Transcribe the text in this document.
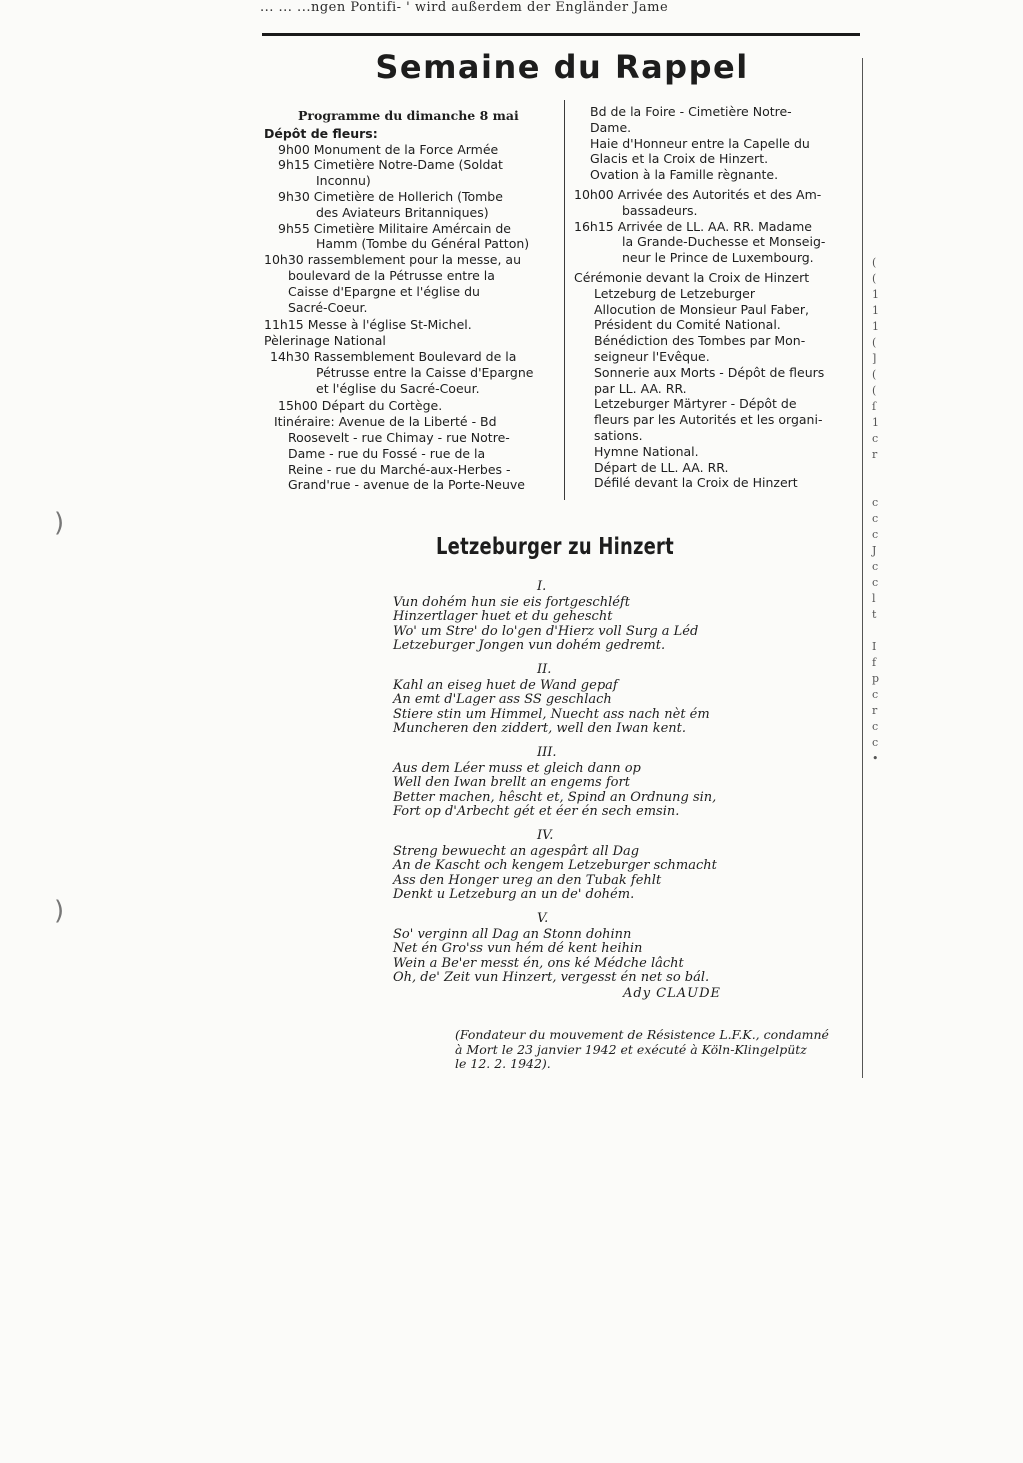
... ... ...ngen Pontifi- ' wird außerdem der Engländer Jame
Semaine du Rappel
Programme du dimanche 8 mai
Dépôt de fleurs:
9h00 Monument de la Force Armée
9h15 Cimetière Notre-Dame (Soldat
Inconnu)
9h30 Cimetière de Hollerich (Tombe
des Aviateurs Britanniques)
9h55 Cimetière Militaire Amércain de
Hamm (Tombe du Général Patton)
10h30 rassemblement pour la messe, au
boulevard de la Pétrusse entre la
Caisse d'Epargne et l'église du
Sacré-Coeur.
11h15 Messe à l'église St-Michel.
Pèlerinage National
14h30 Rassemblement Boulevard de la
Pétrusse entre la Caisse d'Epargne
et l'église du Sacré-Coeur.
15h00 Départ du Cortège.
Itinéraire: Avenue de la Liberté - Bd
Roosevelt - rue Chimay - rue Notre-
Dame - rue du Fossé - rue de la
Reine - rue du Marché-aux-Herbes -
Grand'rue - avenue de la Porte-Neuve
Bd de la Foire - Cimetière Notre-
Dame.
Haie d'Honneur entre la Capelle du
Glacis et la Croix de Hinzert.
Ovation à la Famille règnante.
10h00 Arrivée des Autorités et des Am-
bassadeurs.
16h15 Arrivée de LL. AA. RR. Madame
la Grande-Duchesse et Monseig-
neur le Prince de Luxembourg.
Cérémonie devant la Croix de Hinzert
Letzeburg de Letzeburger
Allocution de Monsieur Paul Faber,
Président du Comité National.
Bénédiction des Tombes par Mon-
seigneur l'Evêque.
Sonnerie aux Morts - Dépôt de fleurs
par LL. AA. RR.
Letzeburger Märtyrer - Dépôt de
fleurs par les Autorités et les organi-
sations.
Hymne National.
Départ de LL. AA. RR.
Défilé devant la Croix de Hinzert
Letzeburger zu Hinzert
I.
Vun dohém hun sie eis fortgeschléft
Hinzertlager huet et du gehescht
Wo' um Stre' do lo'gen d'Hierz voll Surg a Léd
Letzeburger Jongen vun dohém gedremt.
II.
Kahl an eiseg huet de Wand gepaf
An emt d'Lager ass SS geschlach
Stiere stin um Himmel, Nuecht ass nach nèt ém
Muncheren den ziddert, well den Iwan kent.
III.
Aus dem Léer muss et gleich dann op
Well den Iwan brellt an engems fort
Better machen, hêscht et, Spind an Ordnung sin,
Fort op d'Arbecht gét et éer én sech emsin.
IV.
Streng bewuecht an agespârt all Dag
An de Kascht och kengem Letzeburger schmacht
Ass den Honger ureg an den Tubak fehlt
Denkt u Letzeburg an un de' dohém.
V.
So' verginn all Dag an Stonn dohinn
Net én Gro'ss vun hém dé kent heihin
Wein a Be'er messt én, ons ké Médche lâcht
Oh, de' Zeit vun Hinzert, vergesst én net so bál.
Ady CLAUDE
(Fondateur du mouvement de Résistence L.F.K., condamné
à Mort le 23 janvier 1942 et exécuté à Köln-Klingelpütz
le 12. 2. 1942).
(
(
1
1
1
(
]
(
(
ſ
1
c
r

c
c
c
J
c
c
l
t

I
f
p
c
r
c
c
•
)
)
